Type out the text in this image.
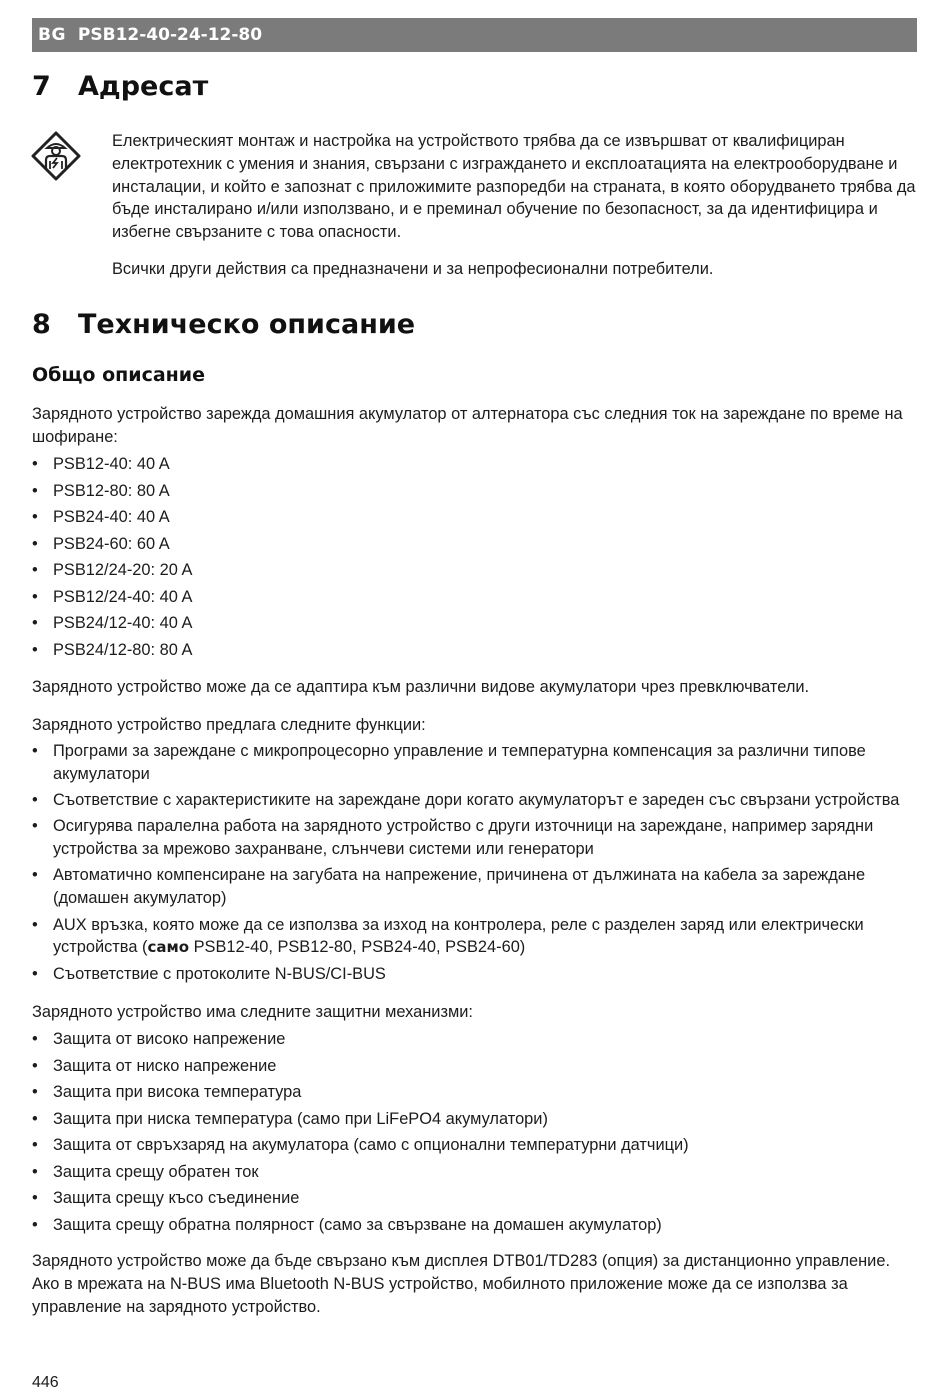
BG PSB12-40-24-12-80
7 Адресат

Електрическият монтаж и настройка на устройството трябва да се извършват от квалифициран електротехник с умения и знания, свързани с изграждането и експлоатацията на електрооборудване и инсталации, и който е запознат с приложимите разпоредби на страната, в която оборудването трябва да бъде инсталирано и/или използвано, и е преминал обучение по безопасност, за да идентифицира и избегне свързаните с това опасности.

Всички други действия са предназначени и за непрофесионални потребители.

8 Техническо описание
Общо описание

Зарядното устройство зарежда домашния акумулатор от алтернатора със следния ток на зареждане по време на шофиране:

• PSB12-40: 40 A
• PSB12-80: 80 A
• PSB24-40: 40 A
• PSB24-60: 60 A
• PSB12/24-20: 20 A
• PSB12/24-40: 40 A
• PSB24/12-40: 40 A
• PSB24/12-80: 80 A

Зарядното устройство може да се адаптира към различни видове акумулатори чрез превключватели.

Зарядното устройство предлага следните функции:

• Програми за зареждане с микропроцесорно управление и температурна компенсация за различни типове акумулатори
• Съответствие с характеристиките на зареждане дори когато акумулаторът е зареден със свързани устройства
• Осигурява паралелна работа на зарядното устройство с други източници на зареждане, например зарядни устройства за мрежово захранване, слънчеви системи или генератори
• Автоматично компенсиране на загубата на напрежение, причинена от дължината на кабела за зареждане (домашен акумулатор)
• AUX връзка, която може да се използва за изход на контролера, реле с разделен заряд или електрически устройства (само PSB12-40, PSB12-80, PSB24-40, PSB24-60)
• Съответствие с протоколите N-BUS/CI-BUS

Зарядното устройство има следните защитни механизми:

• Защита от високо напрежение
• Защита от ниско напрежение
• Защита при висока температура
• Защита при ниска температура (само при LiFePO4 акумулатори)
• Защита от свръхзаряд на акумулатора (само с опционални температурни датчици)
• Защита срещу обратен ток
• Защита срещу късо съединение
• Защита срещу обратна полярност (само за свързване на домашен акумулатор)

Зарядното устройство може да бъде свързано към дисплея DTB01/TD283 (опция) за дистанционно управление. Ако в мрежата на N-BUS има Bluetooth N-BUS устройство, мобилното приложение може да се използва за управление на зарядното устройство.

446
